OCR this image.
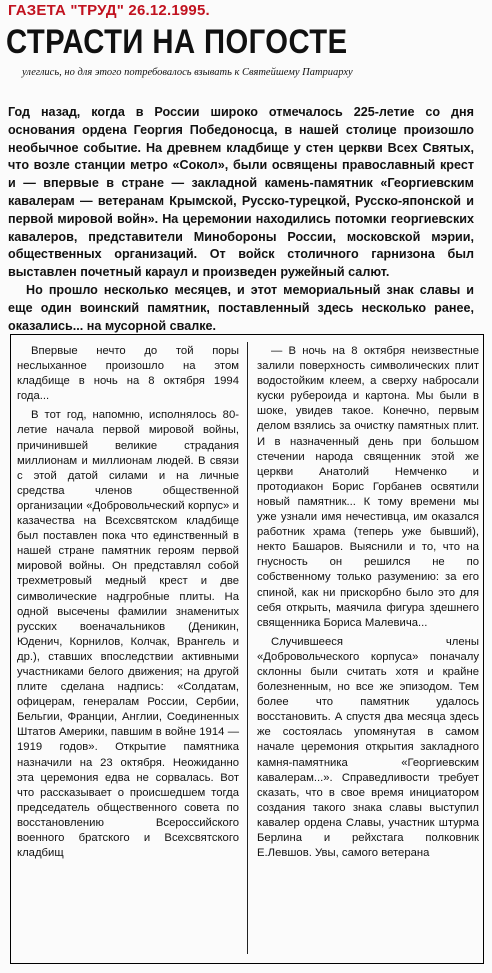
ГАЗЕТА "ТРУД" 26.12.1995.
СТРАСТИ НА ПОГОСТЕ
улеглись, но для этого потребовалось взывать к Святейшему Патриарху

Год назад, когда в России широко отмечалось 225-летие со дня основания ордена Георгия Победоносца, в нашей столице произошло необычное событие. На древнем кладбище у стен церкви Всех Святых, что возле станции метро «Сокол», были освящены православный крест и — впервые в стране — закладной камень-памятник «Георгиевским кавалерам — ветеранам Крымской, Русско-турецкой, Русско-японской и первой мировой войн». На церемонии находились потомки георгиевских кавалеров, представители Минобороны России, московской мэрии, общественных организаций. От войск столичного гарнизона был выставлен почетный караул и произведен ружейный салют.

Но прошло несколько месяцев, и этот мемориальный знак славы и еще один воинский памятник, поставленный здесь несколько ранее, оказались... на мусорной свалке.

Впервые нечто до той поры неслыханное произошло на этом кладбище в ночь на 8 октября 1994 года...

В тот год, напомню, исполнялось 80-летие начала первой мировой войны, причинившей великие страдания миллионам и миллионам людей. В связи с этой датой силами и на личные средства членов общественной организации «Добровольческий корпус» и казачества на Всехсвятском кладбище был поставлен пока что единственный в нашей стране памятник героям первой мировой войны. Он представлял собой трехметровый медный крест и две символические надгробные плиты. На одной высечены фамилии знаменитых русских военачальников (Деникин, Юденич, Корнилов, Колчак, Врангель и др.), ставших впоследствии активными участниками белого движения; на другой плите сделана надпись: «Солдатам, офицерам, генералам России, Сербии, Бельгии, Франции, Англии, Соединенных Штатов Америки, павшим в войне 1914 — 1919 годов». Открытие памятника назначили на 23 октября. Неожиданно эта церемония едва не сорвалась. Вот что рассказывает о происшедшем тогда председатель общественного совета по восстановлению Всероссийского военного братского и Всехсвятского кладбищ

— В ночь на 8 октября неизвестные залили поверхность символических плит водостойким клеем, а сверху набросали куски рубероида и картона. Мы были в шоке, увидев такое. Конечно, первым делом взялись за очистку памятных плит. И в назначенный день при большом стечении народа священник этой же церкви Анатолий Немченко и протодиакон Борис Горбанев освятили новый памятник... К тому времени мы уже узнали имя нечестивца, им оказался работник храма (теперь уже бывший), некто Башаров. Выяснили и то, что на гнусность он решился не по собственному только разумению: за его спиной, как ни прискорбно было это для себя открыть, маячила фигура здешнего священника Бориса Малевича...

Случившееся члены «Добровольческого корпуса» поначалу склонны были считать хотя и крайне болезненным, но все же эпизодом. Тем более что памятник удалось восстановить. А спустя два месяца здесь же состоялась упомянутая в самом начале церемония открытия закладного камня-памятника «Георгиевским кавалерам...». Справедливости требует сказать, что в свое время инициатором создания такого знака славы выступил кавалер ордена Славы, участник штурма Берлина и рейхстага полковник Е.Левшов. Увы, самого ветерана
